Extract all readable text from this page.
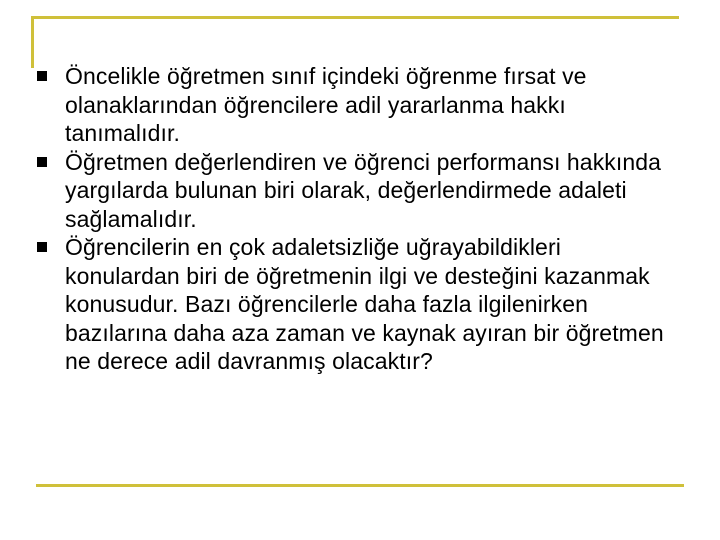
Öncelikle öğretmen sınıf içindeki öğrenme fırsat ve olanaklarından öğrencilere adil yararlanma hakkı tanımalıdır.
Öğretmen değerlendiren ve öğrenci performansı hakkında yargılarda bulunan biri olarak, değerlendirmede adaleti sağlamalıdır.
Öğrencilerin en çok adaletsizliğe uğrayabildikleri konulardan biri de öğretmenin ilgi ve desteğini kazanmak konusudur. Bazı öğrencilerle daha fazla ilgilenirken bazılarına daha aza zaman ve kaynak ayıran bir öğretmen ne derece adil davranmış olacaktır?
